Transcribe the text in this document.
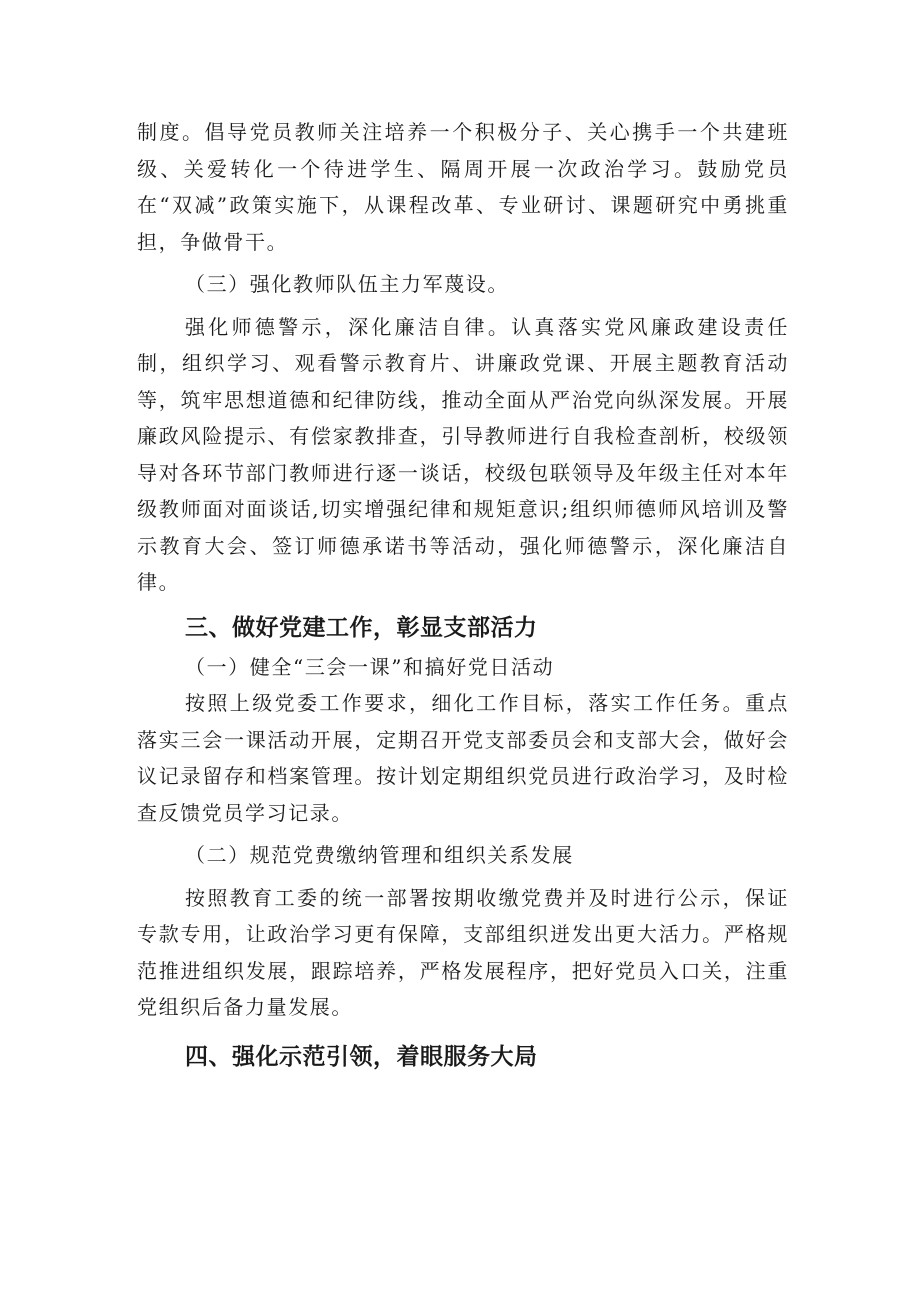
制度。倡导党员教师关注培养一个积极分子、关心携手一个共建班级、关爱转化一个待进学生、隔周开展一次政治学习。鼓励党员在“双减”政策实施下，从课程改革、专业研讨、课题研究中勇挑重担，争做骨干。

（三）强化教师队伍主力军蔑设。

强化师德警示，深化廉洁自律。认真落实党风廉政建设责任制，组织学习、观看警示教育片、讲廉政党课、开展主题教育活动等，筑牢思想道德和纪律防线，推动全面从严治党向纵深发展。开展廉政风险提示、有偿家教排查，引导教师进行自我检查剖析，校级领导对各环节部门教师进行逐一谈话，校级包联领导及年级主任对本年级教师面对面谈话,切实增强纪律和规矩意识;组织师德师风培训及警示教育大会、签订师德承诺书等活动，强化师德警示，深化廉洁自律。

三、做好党建工作，彰显支部活力

（一）健全“三会一课”和搞好党日活动

按照上级党委工作要求，细化工作目标，落实工作任务。重点落实三会一课活动开展，定期召开党支部委员会和支部大会，做好会议记录留存和档案管理。按计划定期组织党员进行政治学习，及时检查反馈党员学习记录。

（二）规范党费缴纳管理和组织关系发展

按照教育工委的统一部署按期收缴党费并及时进行公示，保证专款专用，让政治学习更有保障，支部组织迸发出更大活力。严格规范推进组织发展，跟踪培养，严格发展程序，把好党员入口关，注重党组织后备力量发展。

四、强化示范引领，着眼服务大局
